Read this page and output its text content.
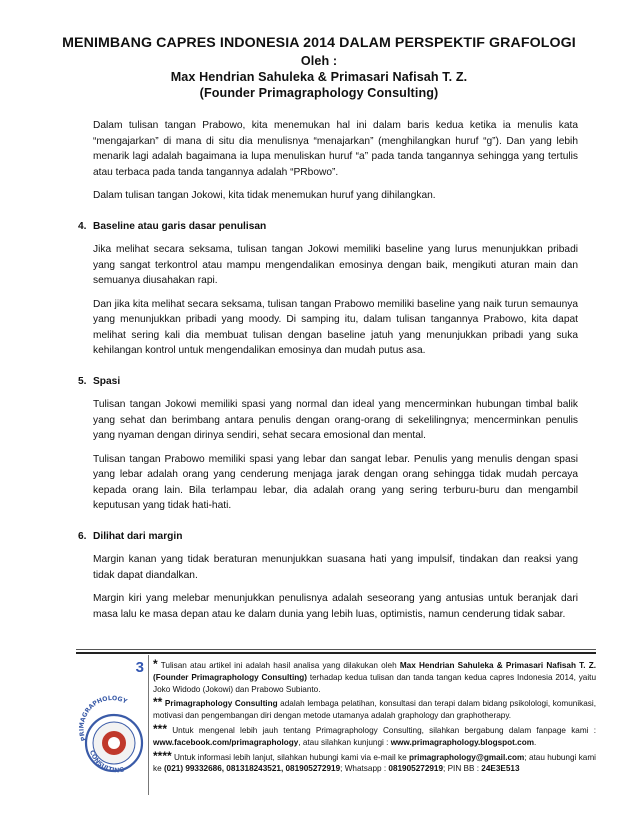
MENIMBANG CAPRES INDONESIA 2014 DALAM PERSPEKTIF GRAFOLOGI
Oleh :
Max Hendrian Sahuleka & Primasari Nafisah T. Z.
(Founder Primagraphology Consulting)

Dalam tulisan tangan Prabowo, kita menemukan hal ini dalam baris kedua ketika ia menulis kata “mengajarkan” di mana di situ dia menulisnya “menajarkan” (menghilangkan huruf “g”). Dan yang lebih menarik lagi adalah bagaimana ia lupa menuliskan huruf “a” pada tanda tangannya sehingga yang tertulis atau terbaca pada tanda tangannya adalah “PRbowo”.

Dalam tulisan tangan Jokowi, kita tidak menemukan huruf yang dihilangkan.

4. Baseline atau garis dasar penulisan

Jika melihat secara seksama, tulisan tangan Jokowi memiliki baseline yang lurus menunjukkan pribadi yang sangat terkontrol atau mampu mengendalikan emosinya dengan baik, mengikuti aturan main dan semuanya diusahakan rapi.

Dan jika kita melihat secara seksama, tulisan tangan Prabowo memiliki baseline yang naik turun semaunya yang menunjukkan pribadi yang moody. Di samping itu, dalam tulisan tangannya Prabowo, kita dapat melihat sering kali dia membuat tulisan dengan baseline jatuh yang menunjukkan pribadi yang suka kehilangan kontrol untuk mengendalikan emosinya dan mudah putus asa.

5. Spasi

Tulisan tangan Jokowi memiliki spasi yang normal dan ideal yang mencerminkan hubungan timbal balik yang sehat dan berimbang antara penulis dengan orang-orang di sekelilingnya; mencerminkan penulis yang nyaman dengan dirinya sendiri, sehat secara emosional dan mental.

Tulisan tangan Prabowo memiliki spasi yang lebar dan sangat lebar. Penulis yang menulis dengan spasi yang lebar adalah orang yang cenderung menjaga jarak dengan orang sehingga tidak mudah percaya kepada orang lain. Bila terlampau lebar, dia adalah orang yang sering terburu-buru dan mengambil keputusan yang tidak hati-hati.

6. Dilihat dari margin

Margin kanan yang tidak beraturan menunjukkan suasana hati yang impulsif, tindakan dan reaksi yang tidak dapat diandalkan.

Margin kiri yang melebar menunjukkan penulisnya adalah seseorang yang antusias untuk beranjak dari masa lalu ke masa depan atau ke dalam dunia yang lebih luas, optimistis, namun cenderung tidak sabar.

3
PRIMAGRAPHOLOGY
CONSULTING

* Tulisan atau artikel ini adalah hasil analisa yang dilakukan oleh Max Hendrian Sahuleka & Primasari Nafisah T. Z. (Founder Primagraphology Consulting) terhadap kedua tulisan dan tanda tangan kedua capres Indonesia 2014, yaitu Joko Widodo (Jokowi) dan Prabowo Subianto.

** Primagraphology Consulting adalah lembaga pelatihan, konsultasi dan terapi dalam bidang psikolologi, komunikasi, motivasi dan pengembangan diri dengan metode utamanya adalah graphology dan graphotherapy.

*** Untuk mengenal lebih jauh tentang Primagraphology Consulting, silahkan bergabung dalam fanpage kami : www.facebook.com/primagraphology, atau silahkan kunjungi : www.primagraphology.blogspot.com.

**** Untuk informasi lebih lanjut, silahkan hubungi kami via e-mail ke primagraphology@gmail.com; atau hubungi kami ke (021) 99332686, 081318243521, 081905272919; Whatsapp : 081905272919; PIN BB : 24E3E513
